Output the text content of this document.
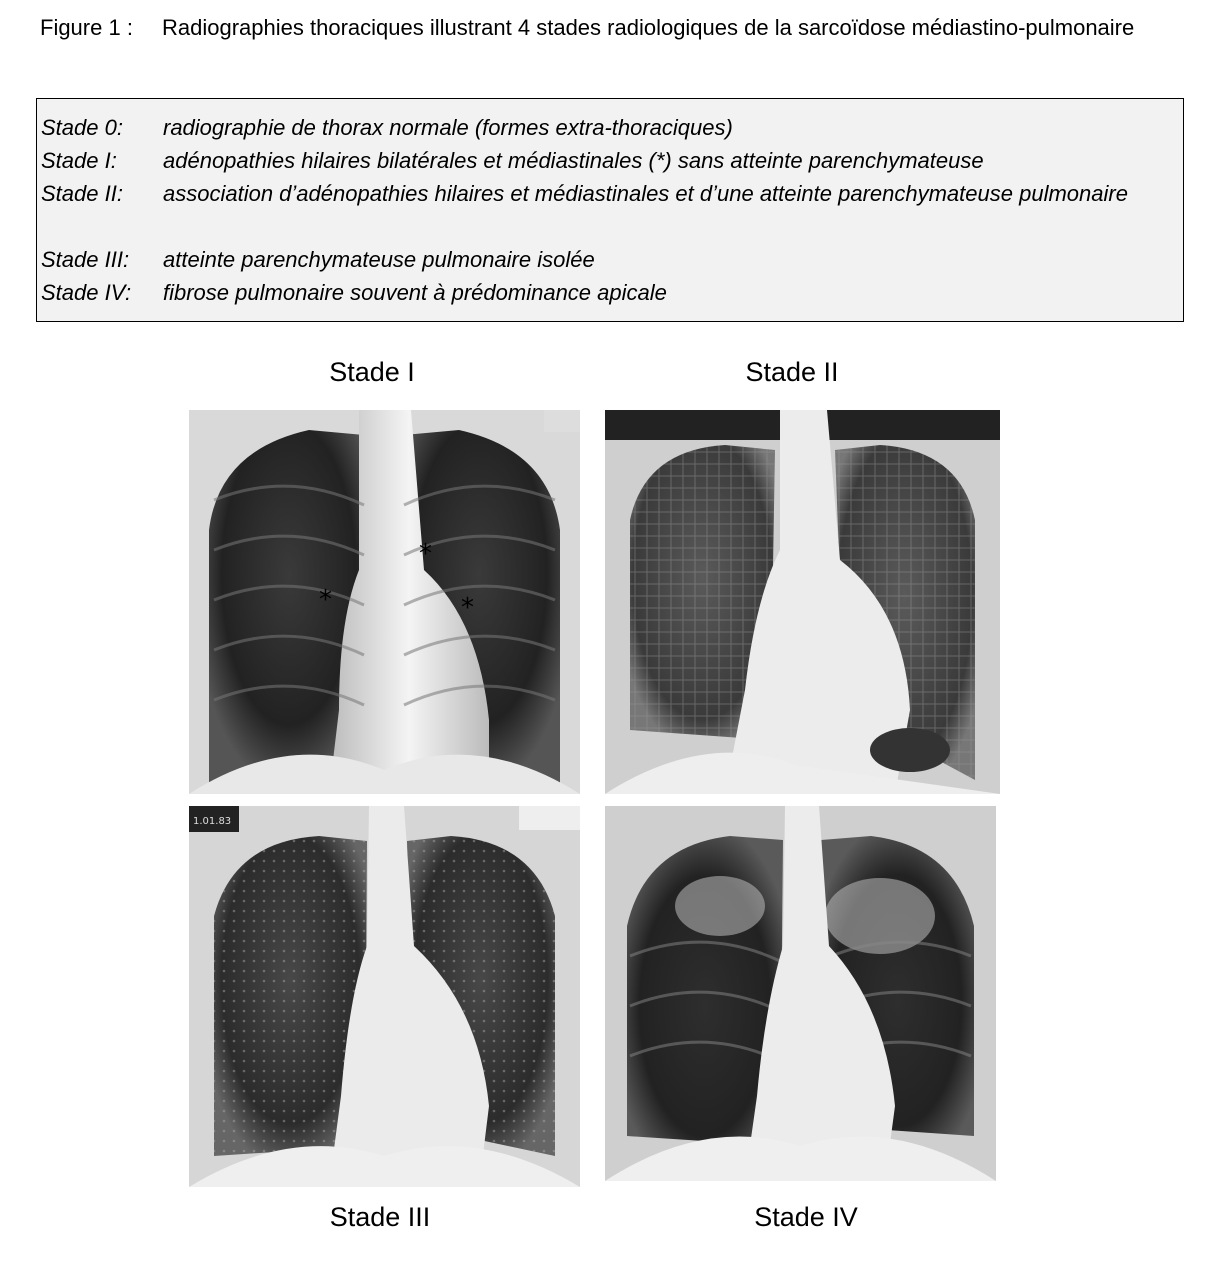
Figure 1 : Radiographies thoraciques illustrant 4 stades radiologiques de la sarcoïdose médiastino-pulmonaire
Stade 0: radiographie de thorax normale (formes extra-thoraciques)
Stade I: adénopathies hilaires bilatérales et médiastinales (*) sans atteinte parenchymateuse
Stade II: association d’adénopathies hilaires et médiastinales et d’une atteinte parenchymateuse pulmonaire
Stade III: atteinte parenchymateuse pulmonaire isolée
Stade IV: fibrose pulmonaire souvent à prédominance apicale
Stade I	Stade II
*
*	*
1.01.83
Stade III	Stade IV
